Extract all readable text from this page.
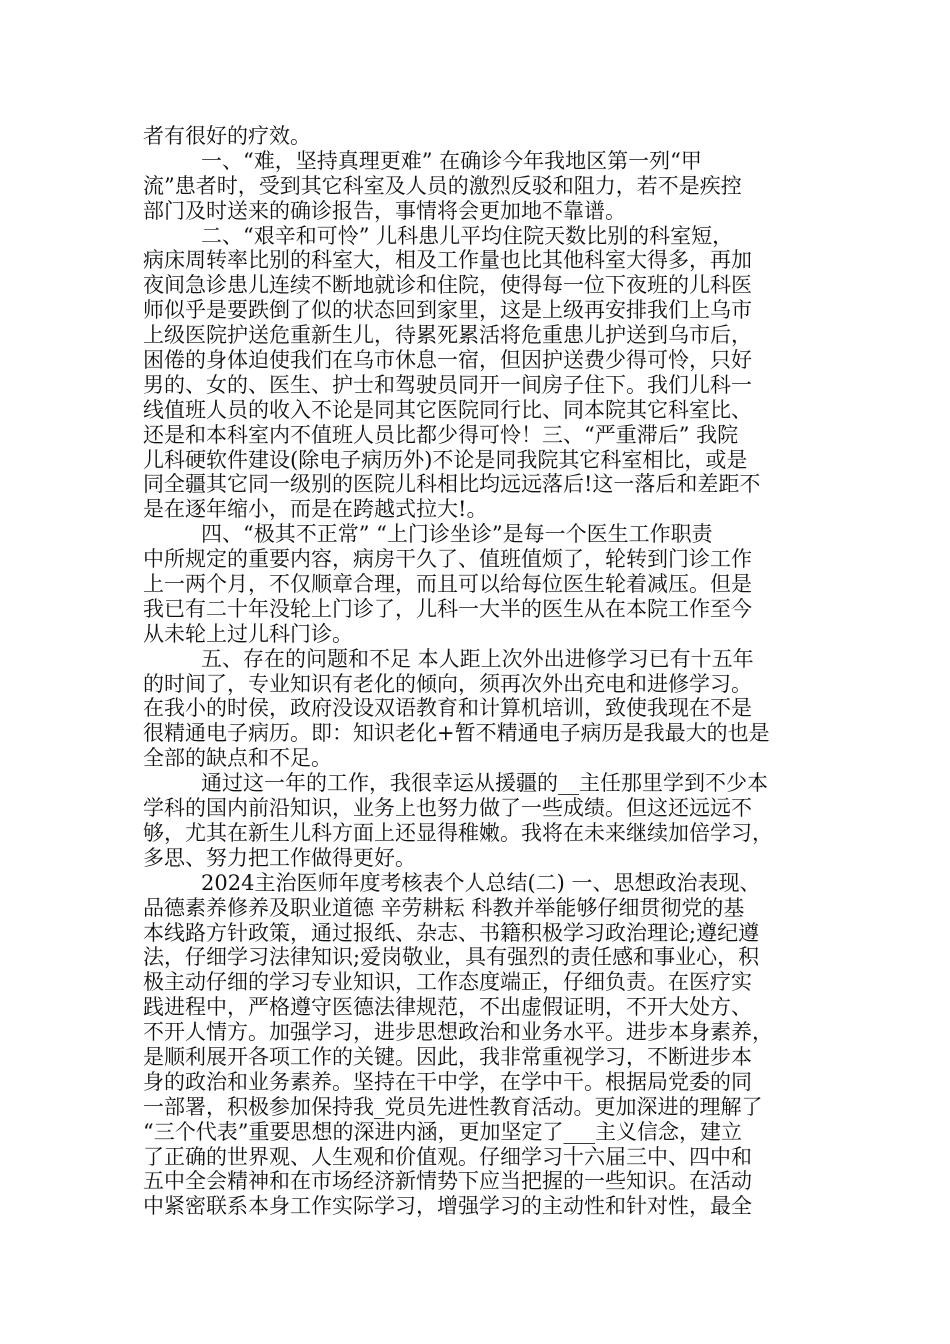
者有很好的疗效。
一、“难，坚持真理更难” 在确诊今年我地区第一列“甲
流”患者时，受到其它科室及人员的激烈反驳和阻力，若不是疾控
部门及时送来的确诊报告，事情将会更加地不靠谱。
二、“艰辛和可怜” 儿科患儿平均住院天数比别的科室短，
病床周转率比别的科室大，相及工作量也比其他科室大得多，再加
夜间急诊患儿连续不断地就诊和住院，使得每一位下夜班的儿科医
师似乎是要跌倒了似的状态回到家里，这是上级再安排我们上乌市
上级医院护送危重新生儿，待累死累活将危重患儿护送到乌市后，
困倦的身体迫使我们在乌市休息一宿，但因护送费少得可怜，只好
男的、女的、医生、护士和驾驶员同开一间房子住下。我们儿科一
线值班人员的收入不论是同其它医院同行比、同本院其它科室比、
还是和本科室内不值班人员比都少得可怜！三、“严重滞后” 我院
儿科硬软件建设(除电子病历外)不论是同我院其它科室相比，或是
同全疆其它同一级别的医院儿科相比均远远落后!这一落后和差距不
是在逐年缩小，而是在跨越式拉大!。
四、“极其不正常” “上门诊坐诊”是每一个医生工作职责
中所规定的重要内容，病房干久了、值班值烦了，轮转到门诊工作
上一两个月，不仅顺章合理，而且可以给每位医生轮着减压。但是
我已有二十年没轮上门诊了，儿科一大半的医生从在本院工作至今
从未轮上过儿科门诊。
五、存在的问题和不足 本人距上次外出进修学习已有十五年
的时间了，专业知识有老化的倾向，须再次外出充电和进修学习。
在我小的时侯，政府没设双语教育和计算机培训，致使我现在不是
很精通电子病历。即：知识老化+暂不精通电子病历是我最大的也是
全部的缺点和不足。
通过这一年的工作，我很幸运从援疆的__主任那里学到不少本
学科的国内前沿知识，业务上也努力做了一些成绩。但这还远远不
够，尤其在新生儿科方面上还显得稚嫩。我将在未来继续加倍学习，
多思、努力把工作做得更好。
2024主治医师年度考核表个人总结(二) 一、思想政治表现、
品德素养修养及职业道德 辛劳耕耘 科教并举能够仔细贯彻党的基
本线路方针政策，通过报纸、杂志、书籍积极学习政治理论;遵纪遵
法，仔细学习法律知识;爱岗敬业，具有强烈的责任感和事业心，积
极主动仔细的学习专业知识，工作态度端正，仔细负责。在医疗实
践进程中，严格遵守医德法律规范，不出虚假证明，不开大处方、
不开人情方。加强学习，进步思想政治和业务水平。进步本身素养，
是顺利展开各项工作的关键。因此，我非常重视学习，不断进步本
身的政治和业务素养。坚持在干中学，在学中干。根据局党委的同
一部署，积极参加保持我_党员先进性教育活动。更加深进的理解了
“三个代表”重要思想的深进内涵，更加坚定了___主义信念，建立
了正确的世界观、人生观和价值观。仔细学习十六届三中、四中和
五中全会精神和在市场经济新情势下应当把握的一些知识。在活动
中紧密联系本身工作实际学习，增强学习的主动性和针对性，最全
